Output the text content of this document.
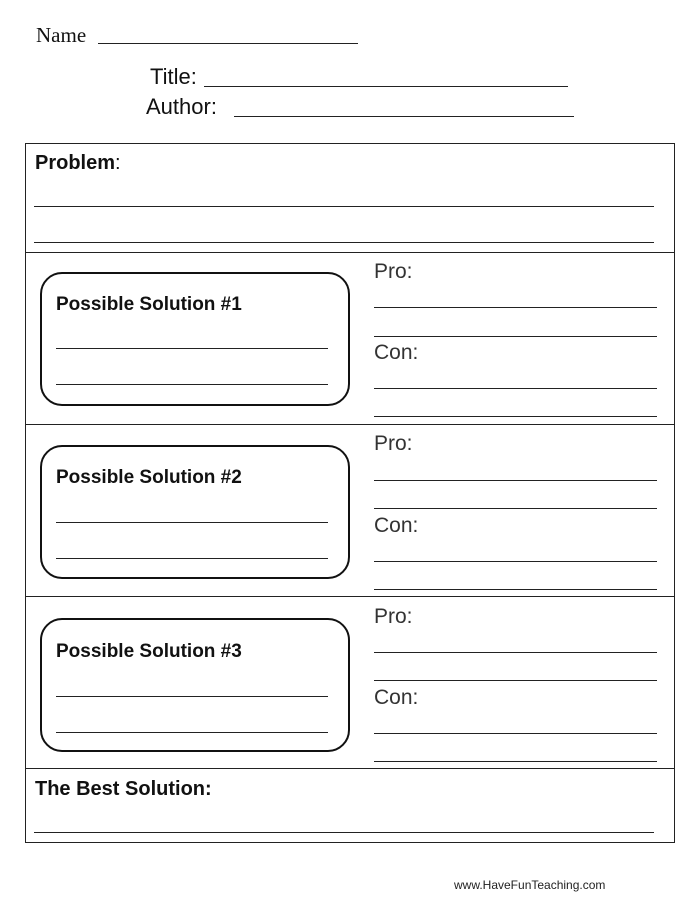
Name
Title:
Author:
Problem:
Possible Solution #1
Pro:
Con:
Possible Solution #2
Pro:
Con:
Possible Solution #3
Pro:
Con:
The Best Solution:
www.HaveFunTeaching.com
